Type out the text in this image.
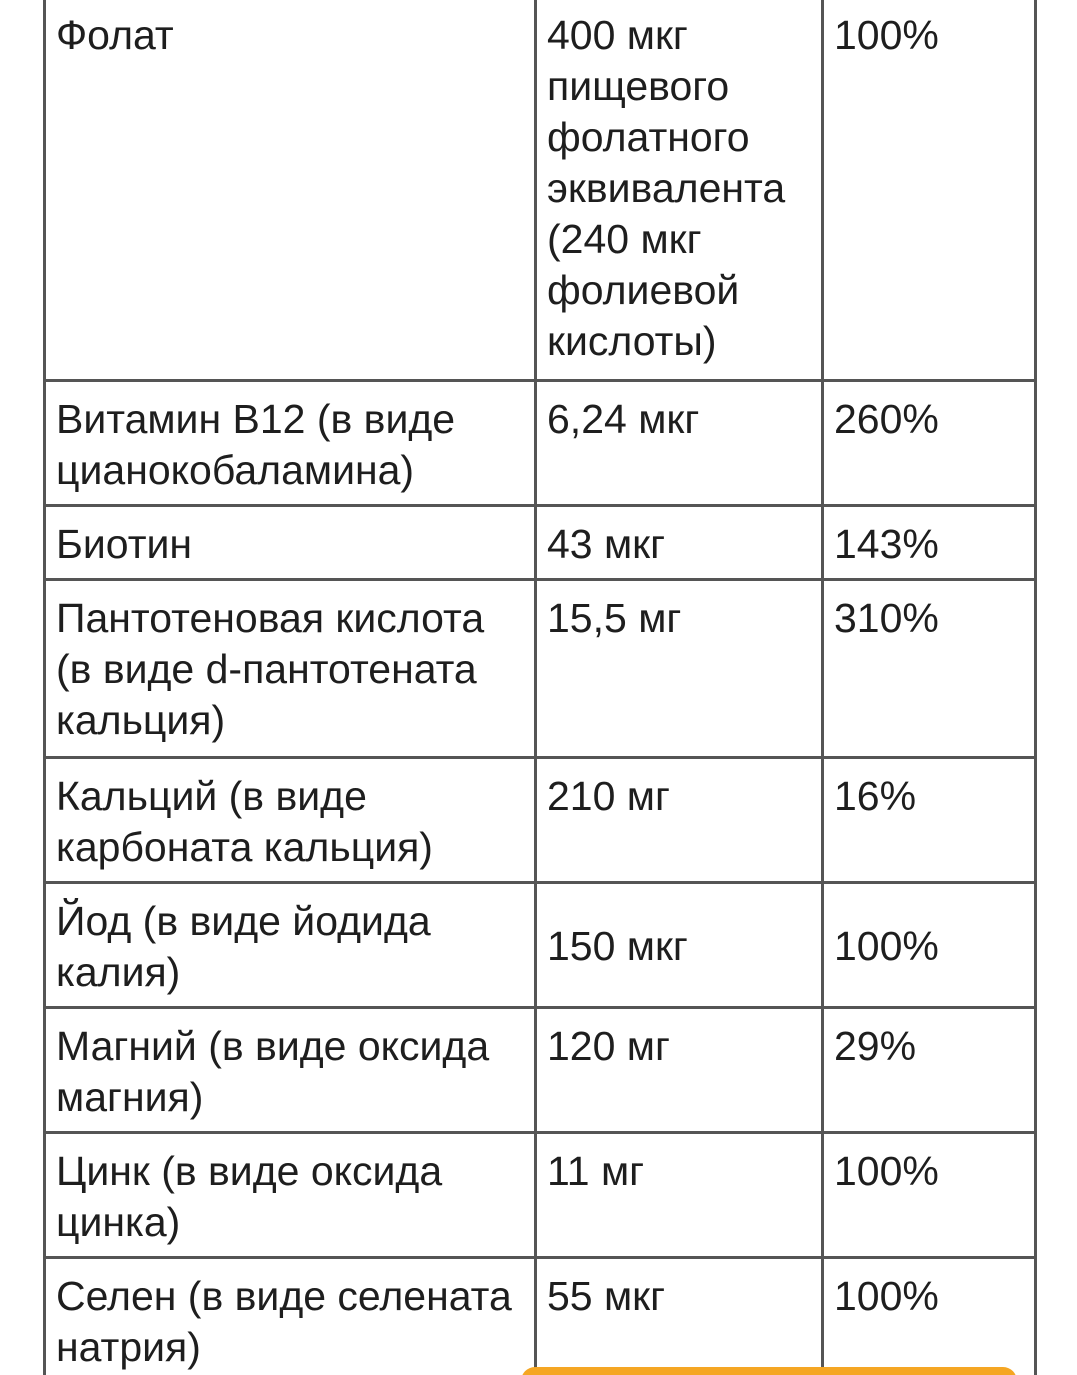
Фолат	400 мкг пищевого фолатного эквивалента (240 мкг фолиевой кислоты)	100%
Витамин B12 (в виде цианокобаламина)	6,24 мкг	260%
Биотин	43 мкг	143%
Пантотеновая кислота (в виде d-пантотената кальция)	15,5 мг	310%
Кальций (в виде карбоната кальция)	210 мг	16%
Йод (в виде йодида калия)	150 мкг	100%
Магний (в виде оксида магния)	120 мг	29%
Цинк (в виде оксида цинка)	11 мг	100%
Селен (в виде селената натрия)	55 мкг	100%
